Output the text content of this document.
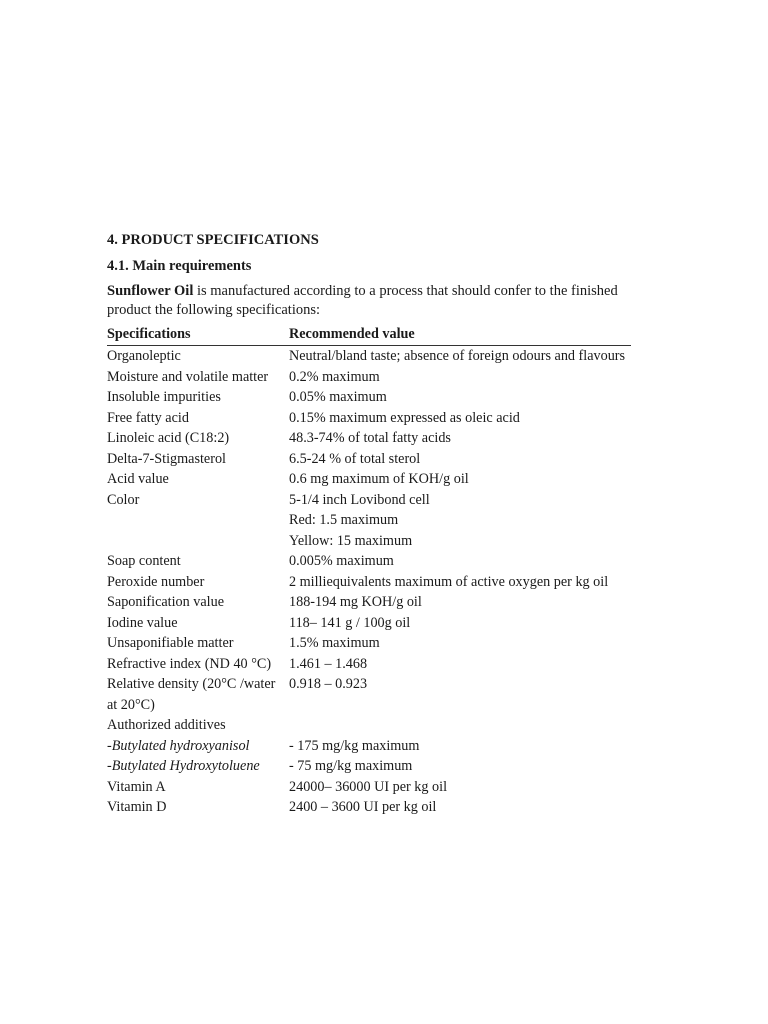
4. PRODUCT SPECIFICATIONS
4.1. Main requirements
Sunflower Oil is manufactured according to a process that should confer to the finished product the following specifications:
Specifications	Recommended value
Organoleptic	Neutral/bland taste; absence of foreign odours and flavours
Moisture and volatile matter	0.2% maximum
Insoluble impurities	0.05% maximum
Free fatty acid	0.15% maximum expressed as oleic acid
Linoleic acid (C18:2)	48.3-74% of total fatty acids
Delta-7-Stigmasterol	6.5-24 % of total sterol
Acid value	0.6 mg maximum of KOH/g oil
Color	5-1/4 inch Lovibond cell
	Red: 1.5 maximum
	Yellow: 15 maximum
Soap content	0.005% maximum
Peroxide number	2 milliequivalents maximum of active oxygen per kg oil
Saponification value	188-194 mg KOH/g oil
Iodine value	118– 141 g / 100g oil
Unsaponifiable matter	1.5% maximum
Refractive index (ND 40 °C)	1.461 – 1.468
Relative density (20°C /water at 20°C)	0.918 – 0.923
Authorized additives	
-Butylated hydroxyanisol	- 175 mg/kg maximum
-Butylated Hydroxytoluene	- 75 mg/kg maximum
Vitamin A	24000– 36000 UI per kg oil
Vitamin D	2400 – 3600 UI per kg oil
